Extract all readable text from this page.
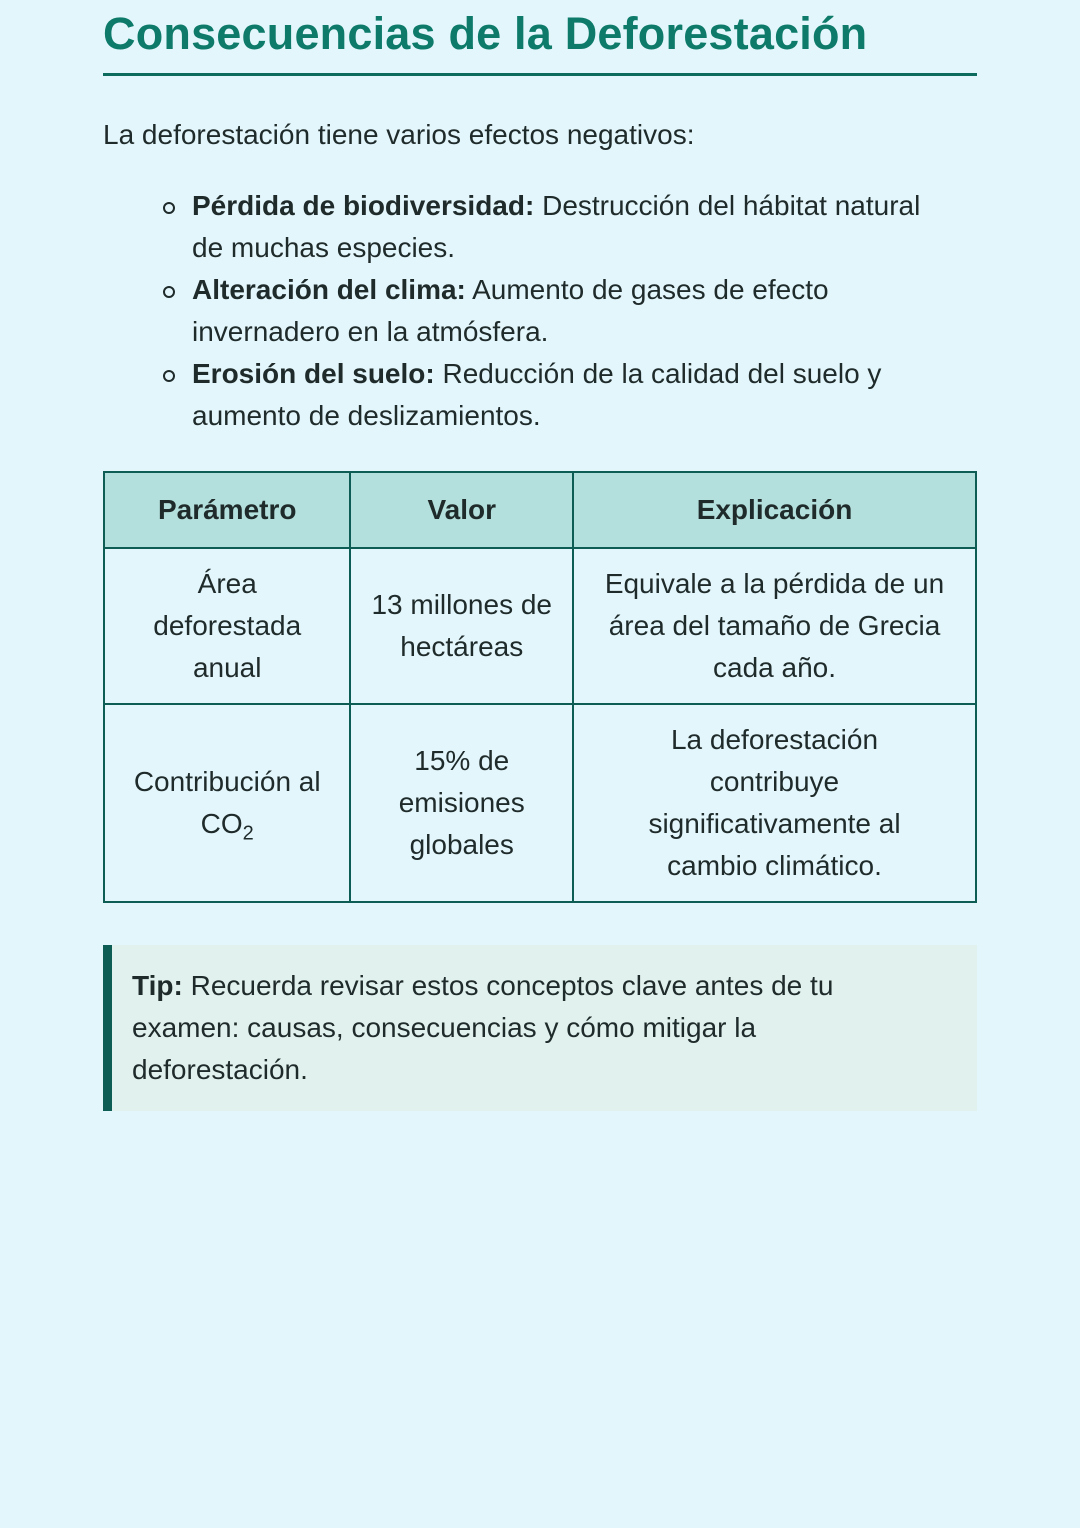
Consecuencias de la Deforestación

La deforestación tiene varios efectos negativos:

Pérdida de biodiversidad: Destrucción del hábitat natural de muchas especies.
Alteración del clima: Aumento de gases de efecto invernadero en la atmósfera.
Erosión del suelo: Reducción de la calidad del suelo y aumento de deslizamientos.
Parámetro	Valor	Explicación
Área deforestada anual	13 millones de hectáreas	Equivale a la pérdida de un área del tamaño de Grecia cada año.
Contribución al $CO_2$	15% de emisiones globales	La deforestación contribuye significativamente al cambio climático.
Tip: Recuerda revisar estos conceptos clave antes de tu examen: causas, consecuencias y cómo mitigar la deforestación.
